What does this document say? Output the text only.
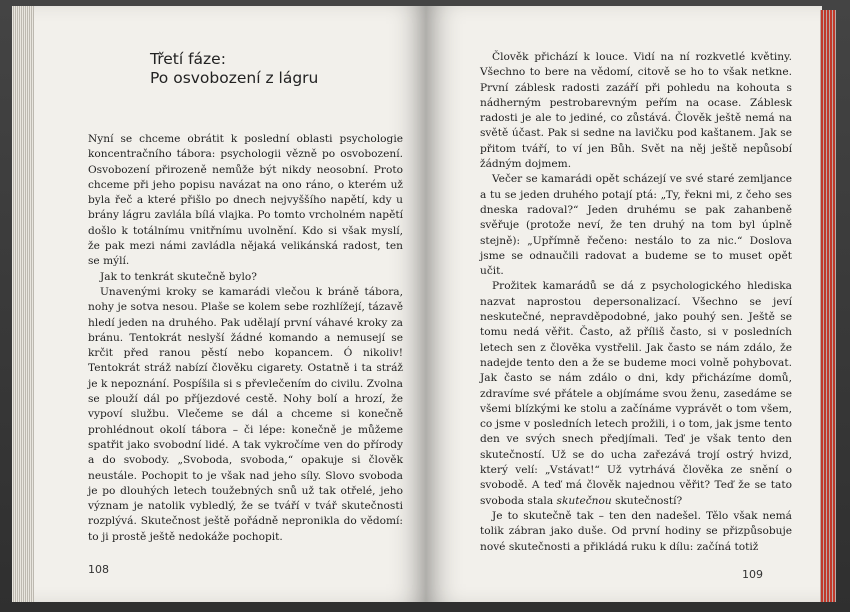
Třetí fáze:
Po osvobození z lágru

Nyní se chceme obrátit k poslední oblasti psychologie koncentračního tábora: psychologii vězně po osvobození. Osvobození přirozeně nemůže být nikdy neosobní. Proto chceme při jeho popisu navázat na ono ráno, o kterém už byla řeč a které přišlo po dnech nejvyššího napětí, kdy u brány lágru zavlála bílá vlajka. Po tomto vrcholném napětí došlo k totálnímu vnitřnímu uvolnění. Kdo si však myslí, že pak mezi námi zavládla nějaká velikánská radost, ten se mýlí.

Jak to tenkrát skutečně bylo?

Unavenými kroky se kamarádi vlečou k bráně tábora, nohy je sotva nesou. Plaše se kolem sebe rozhlížejí, tázavě hledí jeden na druhého. Pak udělají první váhavé kroky za bránu. Tentokrát neslyší žádné komando a nemusejí se krčit před ranou pěstí nebo kopancem. Ó nikoliv! Tentokrát stráž nabízí člověku cigarety. Ostatně i ta stráž je k nepoznání. Pospíšila si s převlečením do civilu. Zvolna se plouží dál po příjezdové cestě. Nohy bolí a hrozí, že vypoví službu. Vlečeme se dál a chceme si konečně prohlédnout okolí tábora – či lépe: konečně je můžeme spatřit jako svobodní lidé. A tak vykročíme ven do přírody a do svobody. „Svoboda, svoboda,“ opakuje si člověk neustále. Pochopit to je však nad jeho síly. Slovo svoboda je po dlouhých letech toužebných snů už tak otřelé, jeho význam je natolik vybledlý, že se tváří v tvář skutečnosti rozplývá. Skutečnost ještě pořádně nepronikla do vědomí: to ji prostě ještě nedokáže pochopit.

108

Člověk přichází k louce. Vidí na ní rozkvetlé květiny. Všechno to bere na vědomí, citově se ho to však netkne. První záblesk radosti zazáří při pohledu na kohouta s nádherným pestrobarevným peřím na ocase. Záblesk radosti je ale to jediné, co zůstává. Člověk ještě nemá na světě účast. Pak si sedne na lavičku pod kaštanem. Jak se přitom tváří, to ví jen Bůh. Svět na něj ještě nepůsobí žádným dojmem.

Večer se kamarádi opět scházejí ve své staré zemljance a tu se jeden druhého potají ptá: „Ty, řekni mi, z čeho ses dneska radoval?“ Jeden druhému se pak zahanbeně svěřuje (protože neví, že ten druhý na tom byl úplně stejně): „Upřímně řečeno: nestálo to za nic.“ Doslova jsme se odnaučili radovat a budeme se to muset opět učit.

Prožitek kamarádů se dá z psychologického hlediska nazvat naprostou depersonalizací. Všechno se jeví neskutečné, nepravděpodobné, jako pouhý sen. Ještě se tomu nedá věřit. Často, až příliš často, si v posledních letech sen z člověka vystřelil. Jak často se nám zdálo, že nadejde tento den a že se budeme moci volně pohybovat. Jak často se nám zdálo o dni, kdy přicházíme domů, zdravíme své přátele a objímáme svou ženu, zasedáme se všemi blízkými ke stolu a začínáme vyprávět o tom všem, co jsme v posledních letech prožili, i o tom, jak jsme tento den ve svých snech předjímali. Teď je však tento den skutečností. Už se do ucha zařezává trojí ostrý hvizd, který velí: „Vstávat!“ Už vytrhává člověka ze snění o svobodě. A teď má člověk najednou věřit? Teď že se tato svoboda stala skutečnou skutečností?

Je to skutečně tak – ten den nadešel. Tělo však nemá tolik zábran jako duše. Od první hodiny se přizpůsobuje nové skutečnosti a přikládá ruku k dílu: začíná totiž

109
